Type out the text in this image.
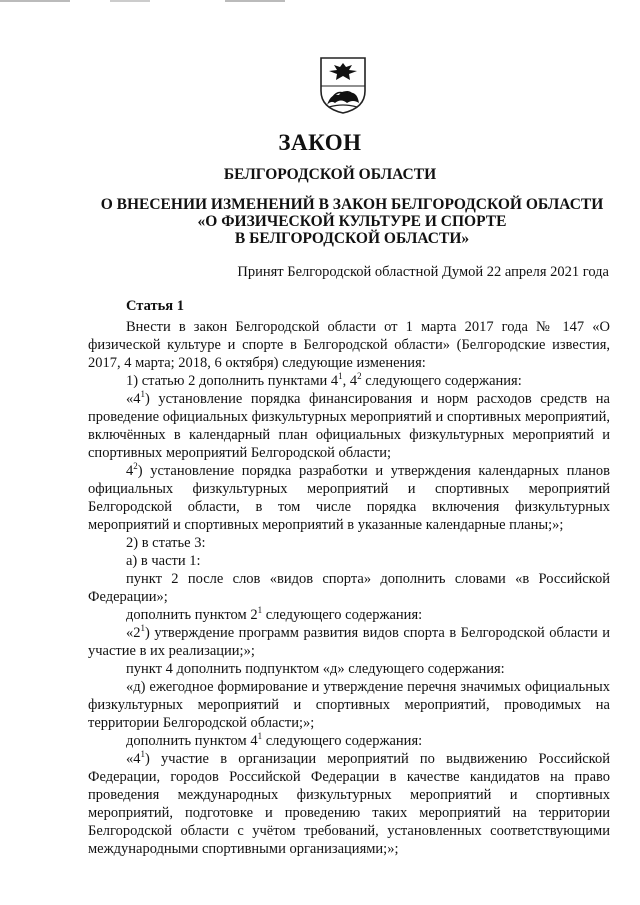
ЗАКОН
БЕЛГОРОДСКОЙ ОБЛАСТИ
О ВНЕСЕНИИ ИЗМЕНЕНИЙ В ЗАКОН БЕЛГОРОДСКОЙ ОБЛАСТИ
«О ФИЗИЧЕСКОЙ КУЛЬТУРЕ И СПОРТЕ
В БЕЛГОРОДСКОЙ ОБЛАСТИ»
Принят Белгородской областной Думой 22 апреля 2021 года
Статья 1

Внести в закон Белгородской области от 1 марта 2017 года № 147 «О физической культуре и спорте в Белгородской области» (Белгородские известия, 2017, 4 марта; 2018, 6 октября) следующие изменения:

1) статью 2 дополнить пунктами $4^1$, $4^2$ следующего содержания:

«$4^1$) установление порядка финансирования и норм расходов средств на проведение официальных физкультурных мероприятий и спортивных мероприятий, включённых в календарный план официальных физкультурных мероприятий и спортивных мероприятий Белгородской области;

$4^2$) установление порядка разработки и утверждения календарных планов официальных физкультурных мероприятий и спортивных мероприятий Белгородской области, в том числе порядка включения физкультурных мероприятий и спортивных мероприятий в указанные календарные планы;»;

2) в статье 3:

а) в части 1:

пункт 2 после слов «видов спорта» дополнить словами «в Российской Федерации»;

дополнить пунктом $2^1$ следующего содержания:

«$2^1$) утверждение программ развития видов спорта в Белгородской области и участие в их реализации;»;

пункт 4 дополнить подпунктом «д» следующего содержания:

«д) ежегодное формирование и утверждение перечня значимых официальных физкультурных мероприятий и спортивных мероприятий, проводимых на территории Белгородской области;»;

дополнить пунктом $4^1$ следующего содержания:

«$4^1$) участие в организации мероприятий по выдвижению Российской Федерации, городов Российской Федерации в качестве кандидатов на право проведения международных физкультурных мероприятий и спортивных мероприятий, подготовке и проведению таких мероприятий на территории Белгородской области с учётом требований, установленных соответствующими международными спортивными организациями;»;
